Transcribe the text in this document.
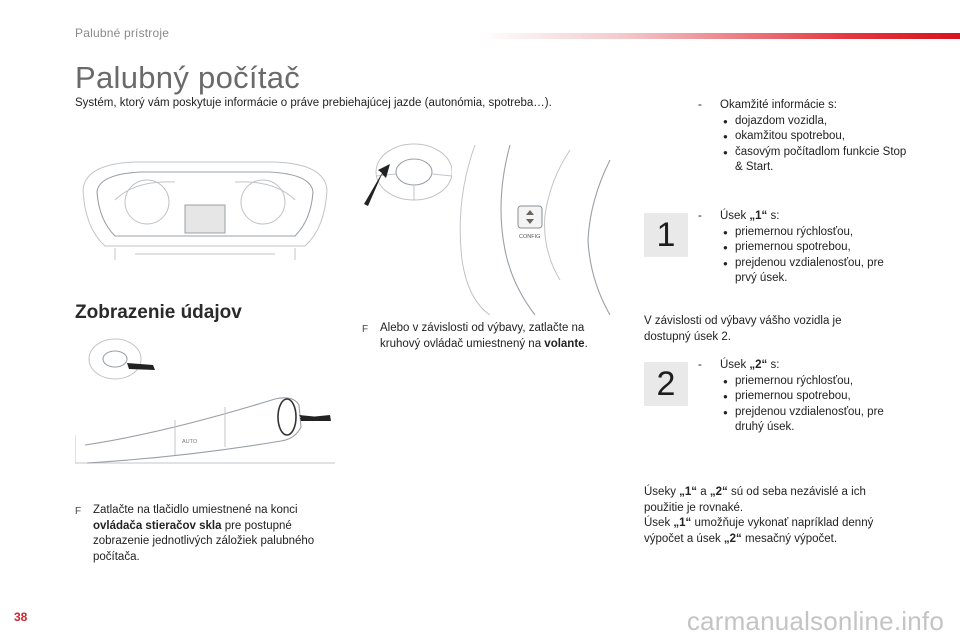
Palubné prístroje
Palubný počítač
Systém, ktorý vám poskytuje informácie o práve prebiehajúcej jazde (autonómia, spotreba…).
CONFIG
Zobrazenie údajov
AUTO
F	Zatlačte na tlačidlo umiestnené na konci
ovládača stieračov skla pre postupné zobrazenie jednotlivých záložiek palubného počítača.
F	Alebo v závislosti od výbavy, zatlačte na kruhový ovládač umiestnený na volante.
- Okamžité informácie s:
● dojazdom vozidla,
● okamžitou spotrebou,
● časovým počítadlom funkcie Stop & Start.
1	- Úsek „1“ s:
● priemernou rýchlosťou,
● priemernou spotrebou,
● prejdenou vzdialenosťou, pre prvý úsek.
V závislosti od výbavy vášho vozidla je dostupný úsek 2.
2	- Úsek „2“ s:
● priemernou rýchlosťou,
● priemernou spotrebou,
● prejdenou vzdialenosťou, pre druhý úsek.
Úseky „1“ a „2“ sú od seba nezávislé a ich použitie je rovnaké.
Úsek „1“ umožňuje vykonať napríklad denný výpočet a úsek „2“ mesačný výpočet.
38	carmanualsonline.info
